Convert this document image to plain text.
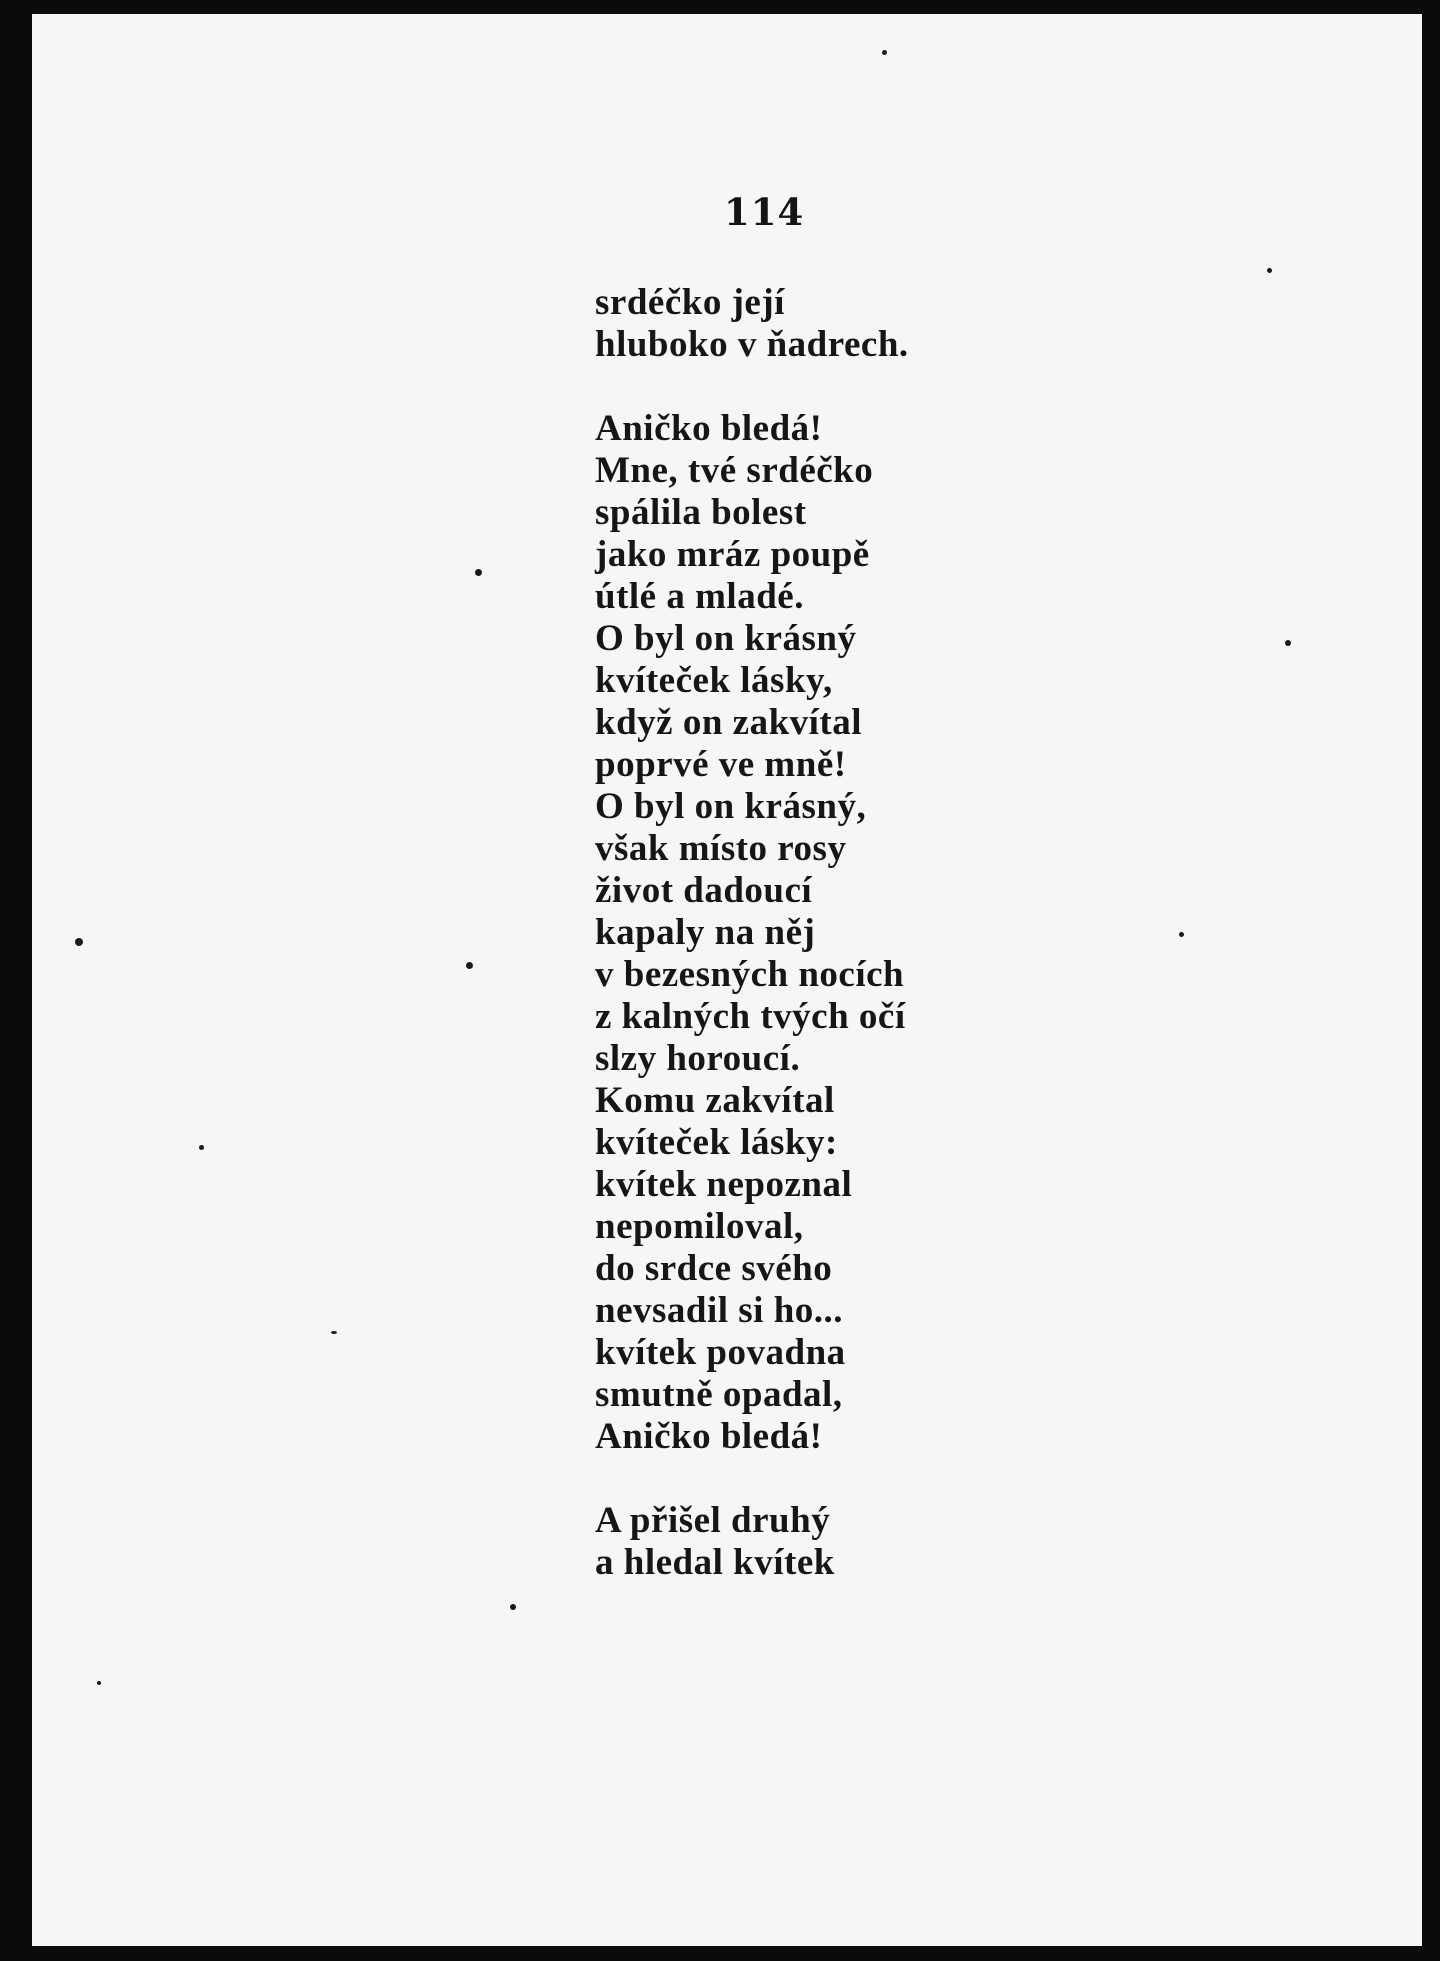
114
srdéčko její
hluboko v ňadrech.
Aničko bledá!
Mne, tvé srdéčko
spálila bolest
jako mráz poupě
útlé a mladé.
O byl on krásný
kvíteček lásky,
když on zakvítal
poprvé ve mně!
O byl on krásný,
však místo rosy
život dadoucí
kapaly na něj
v bezesných nocích
z kalných tvých očí
slzy horoucí.
Komu zakvítal
kvíteček lásky:
kvítek nepoznal
nepomiloval,
do srdce svého
nevsadil si ho...
kvítek povadna
smutně opadal,
Aničko bledá!
A přišel druhý
a hledal kvítek
